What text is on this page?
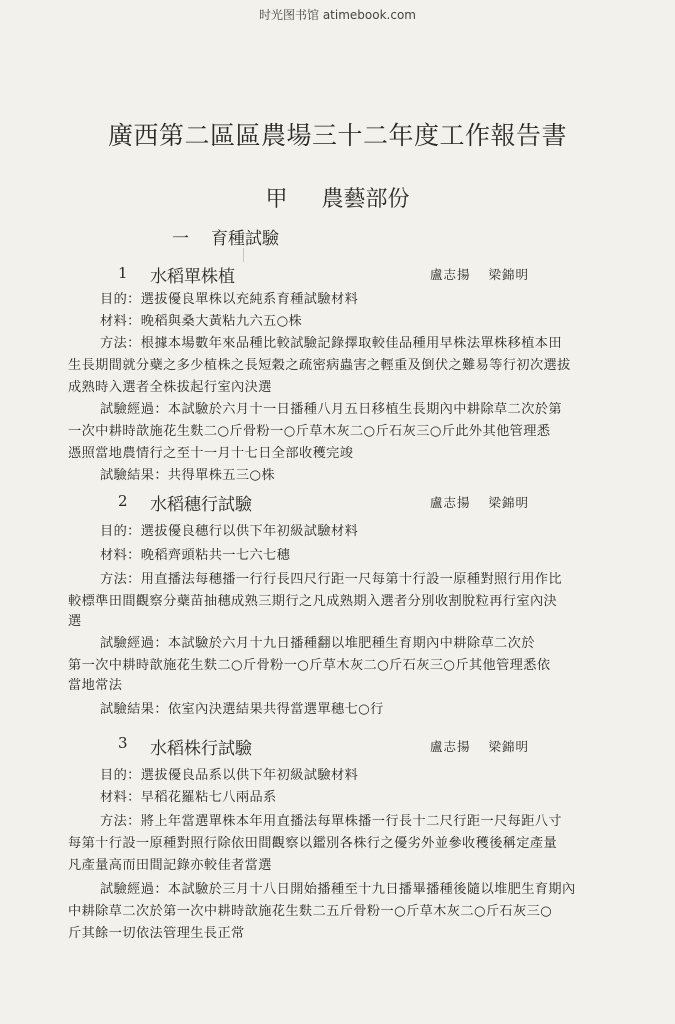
时光图书馆 atimebook.com
廣西第二區區農場三十二年度工作報告書
甲 農藝部份
一 育種試驗
1 水稻單株植	盧志揚 梁錦明
目的：選拔優良單株以充純系育種試驗材料
材料：晚稻與桑大黃粘九六五○株
方法：根據本場數年來品種比較試驗記錄擇取較佳品種用早株法單株移植本田
生長期間就分蘗之多少植株之長短穀之疏密病蟲害之輕重及倒伏之難易等行初次選拔
成熟時入選者全株拔起行室內決選
試驗經過：本試驗於六月十一日播種八月五日移植生長期內中耕除草二次於第
一次中耕時歆施花生麩二○斤骨粉一○斤草木灰二○斤石灰三○斤此外其他管理悉
憑照當地農情行之至十一月十七日全部收穫完竣
試驗結果：共得單株五三○株
2 水稻穗行試驗	盧志揚 梁錦明
目的：選拔優良穗行以供下年初級試驗材料
材料：晚稻齊頭粘共一七六七穗
方法：用直播法每穗播一行行長四尺行距一尺每第十行設一原種對照行用作比
較標準田間觀察分蘗苗抽穗成熟三期行之凡成熟期入選者分別收割脫粒再行室內決
選
試驗經過：本試驗於六月十九日播種翻以堆肥種生育期內中耕除草二次於
第一次中耕時歆施花生麩二○斤骨粉一○斤草木灰二○斤石灰三○斤其他管理悉依
當地常法
試驗結果：依室內決選結果共得當選單穗七○行
3 水稻株行試驗	盧志揚 梁錦明
目的：選拔優良品系以供下年初級試驗材料
材料：早稻花羅粘七八兩品系
方法：將上年當選單株本年用直播法每單株播一行長十二尺行距一尺每距八寸
每第十行設一原種對照行除依田間觀察以鑑別各株行之優劣外並參收穫後稱定產量
凡產量高而田間記錄亦較佳者當選
試驗經過：本試驗於三月十八日開始播種至十九日播畢播種後隨以堆肥生育期內
中耕除草二次於第一次中耕時歆施花生麩二五斤骨粉一○斤草木灰二○斤石灰三○
斤其餘一切依法管理生長正常
